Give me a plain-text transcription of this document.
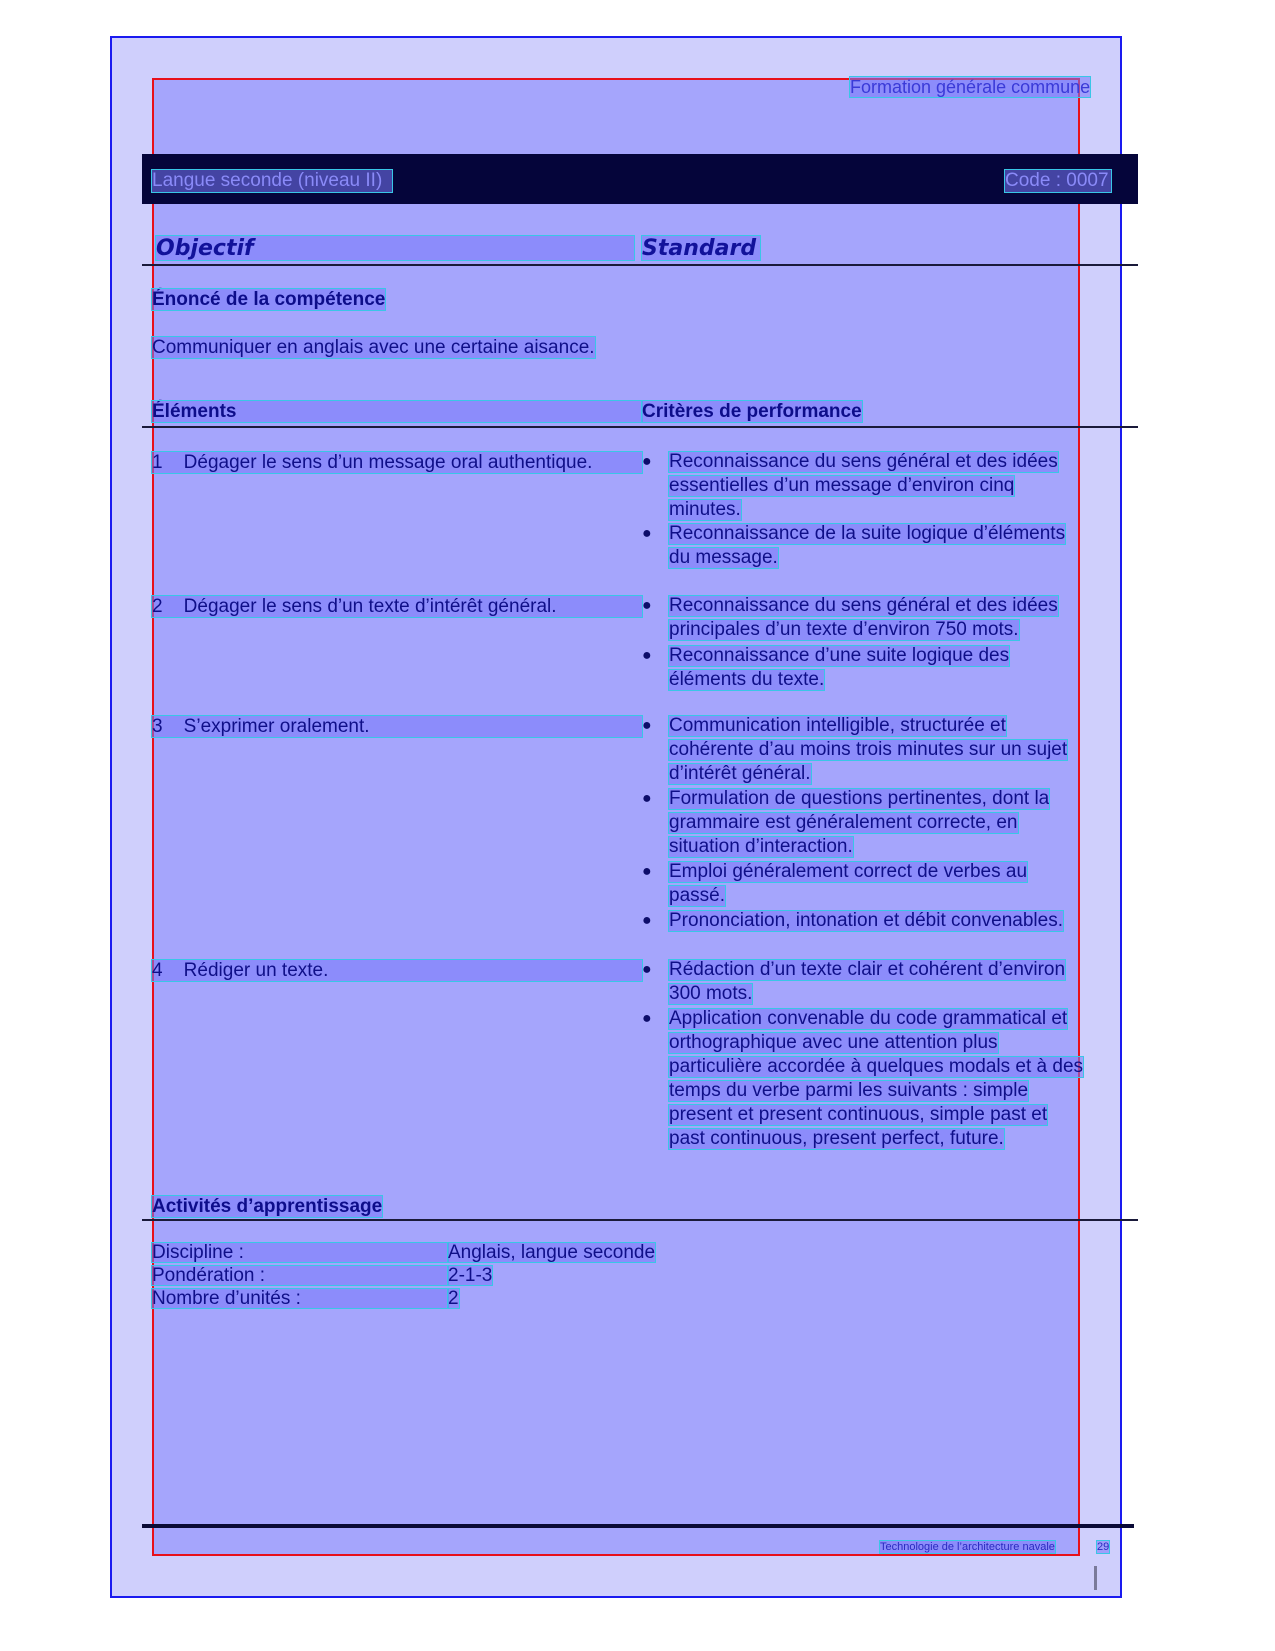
Formation générale commune
Langue seconde (niveau II)	Code : 0007
Objectif	Standard
Énoncé de la compétence
Communiquer en anglais avec une certaine aisance.
Éléments	Critères de performance
1    Dégager le sens d’un message oral authentique.	● Reconnaissance du sens général et des idées
essentielles d’un message d’environ cinq
minutes.
● Reconnaissance de la suite logique d’éléments
du message.
2    Dégager le sens d’un texte d’intérêt général.	● Reconnaissance du sens général et des idées
principales d’un texte d’environ 750 mots.
● Reconnaissance d’une suite logique des
éléments du texte.
3    S’exprimer oralement.	● Communication intelligible, structurée et
cohérente d’au moins trois minutes sur un sujet
d’intérêt général.
● Formulation de questions pertinentes, dont la
grammaire est généralement correcte, en
situation d’interaction.
● Emploi généralement correct de verbes au
passé.
● Prononciation, intonation et débit convenables.
4    Rédiger un texte.	● Rédaction d’un texte clair et cohérent d’environ
300 mots.
● Application convenable du code grammatical et
orthographique avec une attention plus
particulière accordée à quelques modals et à des
temps du verbe parmi les suivants : simple
present et present continuous, simple past et
past continuous, present perfect, future.
Activités d’apprentissage
Discipline :	Anglais, langue seconde
Pondération :	2-1-3
Nombre d’unités :	2
Technologie de l’architecture navale	29
